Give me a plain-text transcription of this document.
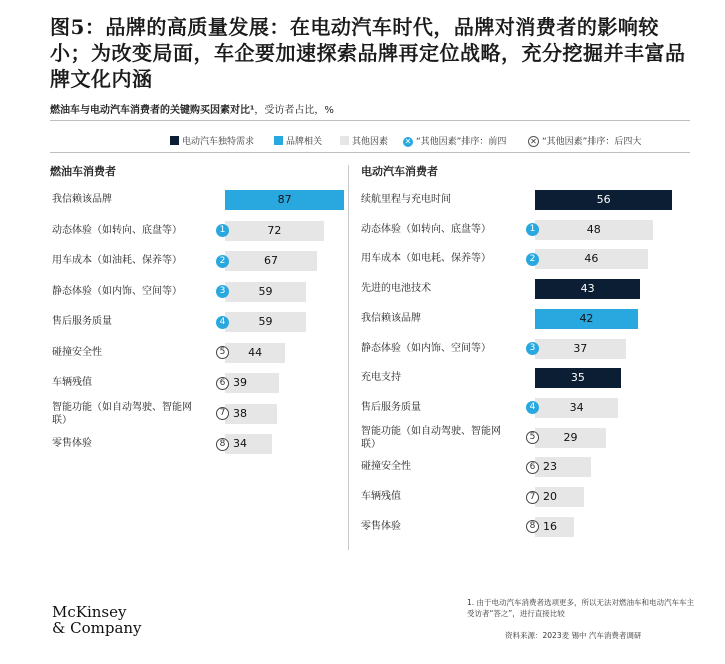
图5：品牌的高质量发展：在电动汽车时代，品牌对消费者的影响较小；为改变局面，车企要加速探索品牌再定位战略，充分挖掘并丰富品牌文化内涵
燃油车与电动汽车消费者的关键购买因素对比¹，受访者占比，%
电动汽车独特需求	品牌相关	其他因素 ✕ “其他因素”排序：前四	✕ “其他因素”排序：后四大
燃油车消费者	电动汽车消费者
我信赖该品牌	87
动态体验（如转向、底盘等）	1	72
用车成本（如油耗、保养等）	2	67
静态体验（如内饰、空间等）	3	59
售后服务质量	4	59
碰撞安全性	5	44
车辆残值	6 39
智能功能（如自动驾驶、智能网联）
7 38
零售体验	8 34
续航里程与充电时间	56
动态体验（如转向、底盘等）	1	48
用车成本（如电耗、保养等）	2	46
先进的电池技术	43
我信赖该品牌	42
静态体验（如内饰、空间等）	3	37
充电支持	35
售后服务质量	4	34
智能功能（如自动驾驶、智能网联）
5	29
碰撞安全性	6 23
车辆残值	7 20
零售体验	8 16
McKinsey
& Company
1. 由于电动汽车消费者选项更多，所以无法对燃油车和电动汽车车主受访者“答之”，进行直接比较
资料来源：2023麦 锡中 汽车消费者调研
